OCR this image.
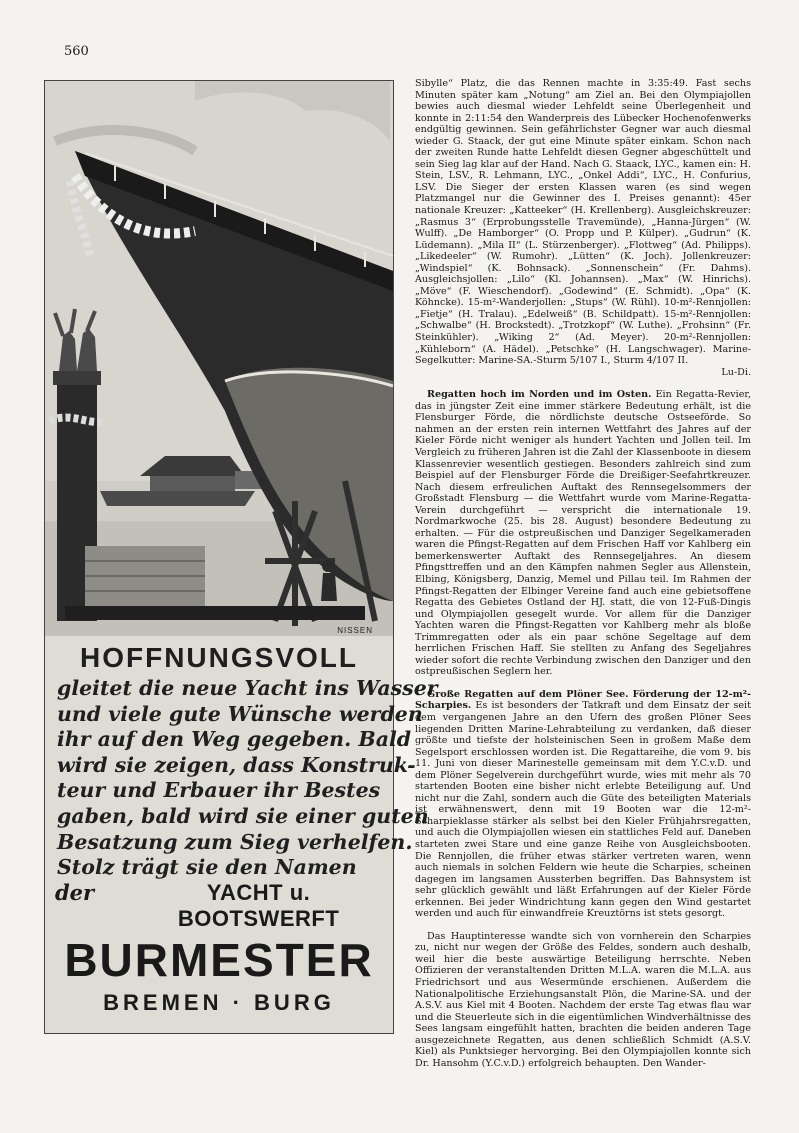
560
NISSEN
HOFFNUNGSVOLL
gleitet die neue Yacht ins Wasser
und viele gute Wünsche werden
ihr auf den Weg gegeben. Bald
wird sie zeigen, dass Konstruk-
teur und Erbauer ihr Bestes
gaben, bald wird sie einer guten
Besatzung zum Sieg verhelfen.
Stolz trägt sie den Namen
der	YACHT u. BOOTSWERFT
BURMESTER
BREMEN · BURG

Sibylle“ Platz, die das Rennen machte in 3:35:49. Fast sechs Minuten später kam „Notung“ am Ziel an. Bei den Olympiajollen bewies auch diesmal wieder Lehfeldt seine Überlegenheit und konnte in 2:11:54 den Wanderpreis des Lübecker Hochenofenwerks endgültig gewinnen. Sein gefährlichster Gegner war auch diesmal wieder G. Staack, der gut eine Minute später einkam. Schon nach der zweiten Runde hatte Lehfeldt diesen Gegner abgeschüttelt und sein Sieg lag klar auf der Hand. Nach G. Staack, LYC., kamen ein: H. Stein, LSV., R. Lehmann, LYC., „Onkel Addi“, LYC., H. Confurius, LSV. Die Sieger der ersten Klassen waren (es sind wegen Platzmangel nur die Gewinner des I. Preises genannt): 45er nationale Kreuzer: „Katteeker“ (H. Krellenberg). Ausgleichskreuzer: „Rasmus 3“ (Erprobungsstelle Travemünde), „Hanna-Jürgen“ (W. Wulff). „De Hamborger“ (O. Propp und P. Külper). „Gudrun“ (K. Lüdemann). „Mila II“ (L. Stürzenberger). „Flottweg“ (Ad. Philipps). „Likedeeler“ (W. Rumohr). „Lütten“ (K. Joch). Jollenkreuzer: „Windspiel“ (K. Bohnsack). „Sonnenschein“ (Fr. Dahms). Ausgleichsjollen: „Lilo“ (Kl. Johannsen). „Max“ (W. Hinrichs). „Möve“ (F. Wieschendorf). „Godewind“ (E. Schmidt). „Opa“ (K. Köhncke). 15-m²-Wanderjollen: „Stups“ (W. Rühl). 10-m²-Rennjollen: „Fietje“ (H. Tralau). „Edelweiß“ (B. Schildpatt). 15-m²-Rennjollen: „Schwalbe“ (H. Brockstedt). „Trotzkopf“ (W. Luthe). „Frohsinn“ (Fr. Steinkühler). „Wiking 2“ (Ad. Meyer). 20-m²-Rennjollen: „Kühleborn“ (A. Hädel). „Petschke“ (H. Langschwager). Marine-Segelkutter: Marine-SA.-Sturm 5/107 I., Sturm 4/107 II.

Lu-Di.

Regatten hoch im Norden und im Osten. Ein Regatta-Revier, das in jüngster Zeit eine immer stärkere Bedeutung erhält, ist die Flensburger Förde, die nördlichste deutsche Ostseeförde. So nahmen an der ersten rein internen Wettfahrt des Jahres auf der Kieler Förde nicht weniger als hundert Yachten und Jollen teil. Im Vergleich zu früheren Jahren ist die Zahl der Klassenboote in diesem Klassenrevier wesentlich gestiegen. Besonders zahlreich sind zum Beispiel auf der Flensburger Förde die Dreißiger-Seefahrtkreuzer. Nach diesem erfreulichen Auftakt des Rennsegelsommers der Großstadt Flensburg — die Wettfahrt wurde vom Marine-Regatta-Verein durchgeführt — verspricht die internationale 19. Nordmarkwoche (25. bis 28. August) besondere Bedeutung zu erhalten. — Für die ostpreußischen und Danziger Segelkameraden waren die Pfingst-Regatten auf dem Frischen Haff vor Kahlberg ein bemerkenswerter Auftakt des Rennsegeljahres. An diesem Pfingsttreffen und an den Kämpfen nahmen Segler aus Allenstein, Elbing, Königsberg, Danzig, Memel und Pillau teil. Im Rahmen der Pfingst-Regatten der Elbinger Vereine fand auch eine gebietsoffene Regatta des Gebietes Ostland der HJ. statt, die von 12-Fuß-Dingis und Olympiajollen gesegelt wurde. Vor allem für die Danziger Yachten waren die Pfingst-Regatten vor Kahlberg mehr als bloße Trimmregatten oder als ein paar schöne Segeltage auf dem herrlichen Frischen Haff. Sie stellten zu Anfang des Segeljahres wieder sofort die rechte Verbindung zwischen den Danziger und den ostpreußischen Seglern her.

Große Regatten auf dem Plöner See. Förderung der 12-m²-Scharpies. Es ist besonders der Tatkraft und dem Einsatz der seit dem vergangenen Jahre an den Ufern des großen Plöner Sees liegenden Dritten Marine-Lehrabteilung zu verdanken, daß dieser größte und tiefste der holsteinischen Seen in großem Maße dem Segelsport erschlossen worden ist. Die Regattareihe, die vom 9. bis 11. Juni von dieser Marinestelle gemeinsam mit dem Y.C.v.D. und dem Plöner Segelverein durchgeführt wurde, wies mit mehr als 70 startenden Booten eine bisher nicht erlebte Beteiligung auf. Und nicht nur die Zahl, sondern auch die Güte des beteiligten Materials ist erwähnenswert, denn mit 19 Booten war die 12-m²-Scharpieklasse stärker als selbst bei den Kieler Frühjahrsregatten, und auch die Olympiajollen wiesen ein stattliches Feld auf. Daneben starteten zwei Stare und eine ganze Reihe von Ausgleichsbooten. Die Rennjollen, die früher etwas stärker vertreten waren, wenn auch niemals in solchen Feldern wie heute die Scharpies, scheinen dagegen im langsamen Aussterben begriffen. Das Bahnsystem ist sehr glücklich gewählt und läßt Erfahrungen auf der Kieler Förde erkennen. Bei jeder Windrichtung kann gegen den Wind gestartet werden und auch für einwandfreie Kreuztörns ist stets gesorgt.

Das Hauptinteresse wandte sich von vornherein den Scharpies zu, nicht nur wegen der Größe des Feldes, sondern auch deshalb, weil hier die beste auswärtige Beteiligung herrschte. Neben Offizieren der veranstaltenden Dritten M.L.A. waren die M.L.A. aus Friedrichsort und aus Wesermünde erschienen. Außerdem die Nationalpolitische Erziehungsanstalt Plön, die Marine-SA. und der A.S.V. aus Kiel mit 4 Booten. Nachdem der erste Tag etwas flau war und die Steuerleute sich in die eigentümlichen Windverhältnisse des Sees langsam eingefühlt hatten, brachten die beiden anderen Tage ausgezeichnete Regatten, aus denen schließlich Schmidt (A.S.V. Kiel) als Punktsieger hervorging. Bei den Olympiajollen konnte sich Dr. Hansohm (Y.C.v.D.) erfolgreich behaupten. Den Wander-
